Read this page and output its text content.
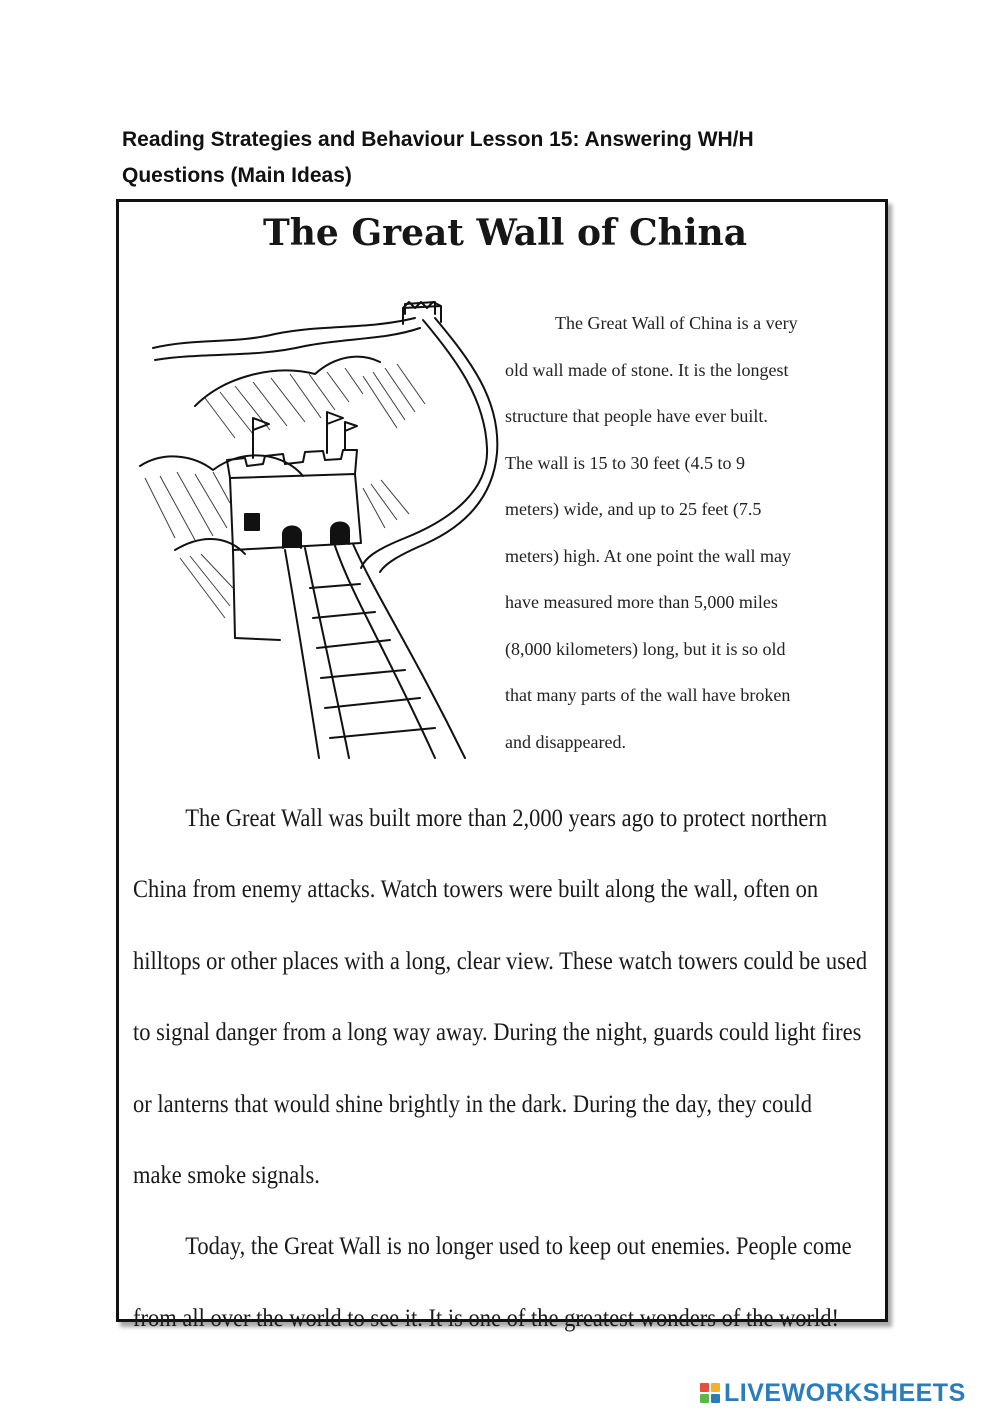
Reading Strategies and Behaviour Lesson 15: Answering WH/H
Questions (Main Ideas)
The Great Wall of China
The Great Wall of China is a very
old wall made of stone. It is the longest
structure that people have ever built.
The wall is 15 to 30 feet (4.5 to 9
meters) wide, and up to 25 feet (7.5
meters) high. At one point the wall may
have measured more than 5,000 miles
(8,000 kilometers) long, but it is so old
that many parts of the wall have broken
and disappeared.
The Great Wall was built more than 2,000 years ago to protect northern
China from enemy attacks. Watch towers were built along the wall, often on
hilltops or other places with a long, clear view. These watch towers could be used
to signal danger from a long way away. During the night, guards could light fires
or lanterns that would shine brightly in the dark. During the day, they could
make smoke signals.
Today, the Great Wall is no longer used to keep out enemies. People come
from all over the world to see it. It is one of the greatest wonders of the world!
LIVEWORKSHEETS
